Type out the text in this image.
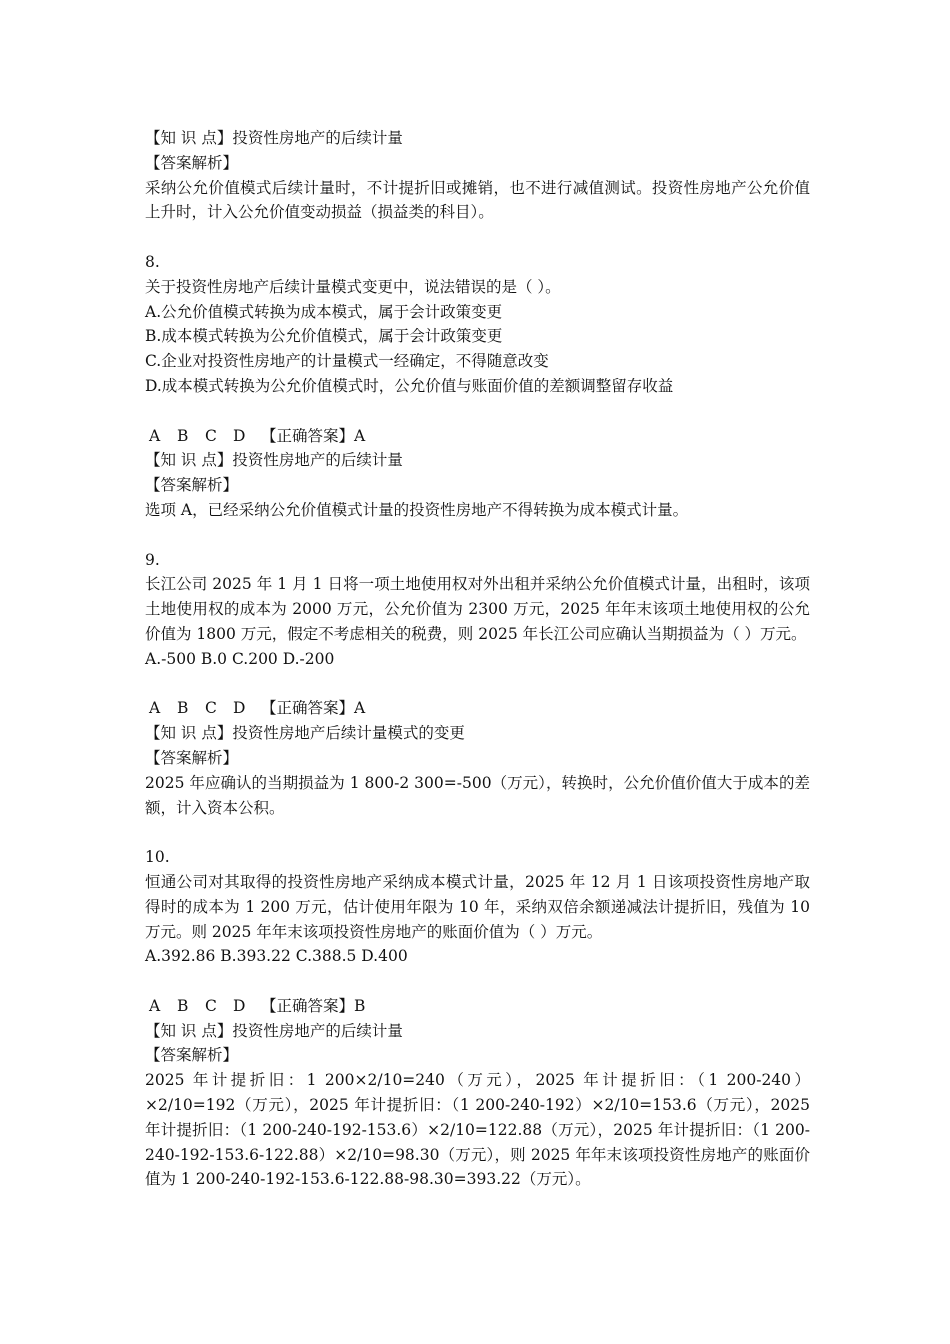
【知 识 点】投资性房地产的后续计量
【答案解析】
采纳公允价值模式后续计量时，不计提折旧或摊销，也不进行减值测试。投资性房地产公允价值上升时，计入公允价值变动损益（损益类的科目）。
8.
关于投资性房地产后续计量模式变更中，说法错误的是（ ）。
A.公允价值模式转换为成本模式，属于会计政策变更
B.成本模式转换为公允价值模式，属于会计政策变更
C.企业对投资性房地产的计量模式一经确定，不得随意改变
D.成本模式转换为公允价值模式时，公允价值与账面价值的差额调整留存收益
A B C D 【正确答案】A
【知 识 点】投资性房地产的后续计量
【答案解析】
选项 A，已经采纳公允价值模式计量的投资性房地产不得转换为成本模式计量。
9.
长江公司 2025 年 1 月 1 日将一项土地使用权对外出租并采纳公允价值模式计量，出租时，该项土地使用权的成本为 2000 万元，公允价值为 2300 万元，2025 年年末该项土地使用权的公允价值为 1800 万元，假定不考虑相关的税费，则 2025 年长江公司应确认当期损益为（ ）万元。
A.-500 B.0 C.200 D.-200
A B C D 【正确答案】A
【知 识 点】投资性房地产后续计量模式的变更
【答案解析】
2025 年应确认的当期损益为 1 800-2 300=-500（万元），转换时，公允价值价值大于成本的差额，计入资本公积。
10.
恒通公司对其取得的投资性房地产采纳成本模式计量，2025 年 12 月 1 日该项投资性房地产取得时的成本为 1 200 万元，估计使用年限为 10 年，采纳双倍余额递减法计提折旧，残值为 10 万元。则 2025 年年末该项投资性房地产的账面价值为（ ）万元。
A.392.86 B.393.22 C.388.5 D.400
A B C D 【正确答案】B
【知 识 点】投资性房地产的后续计量
【答案解析】
2025 年计提折旧：1 200×2/10=240（万元），2025 年计提折旧：（1 200-240）×2/10=192（万元），2025 年计提折旧：（1 200-240-192）×2/10=153.6（万元），2025 年计提折旧：（1 200-240-192-153.6）×2/10=122.88（万元），2025 年计提折旧：（1 200-240-192-153.6-122.88）×2/10=98.30（万元），则 2025 年年末该项投资性房地产的账面价值为 1 200-240-192-153.6-122.88-98.30=393.22（万元）。
